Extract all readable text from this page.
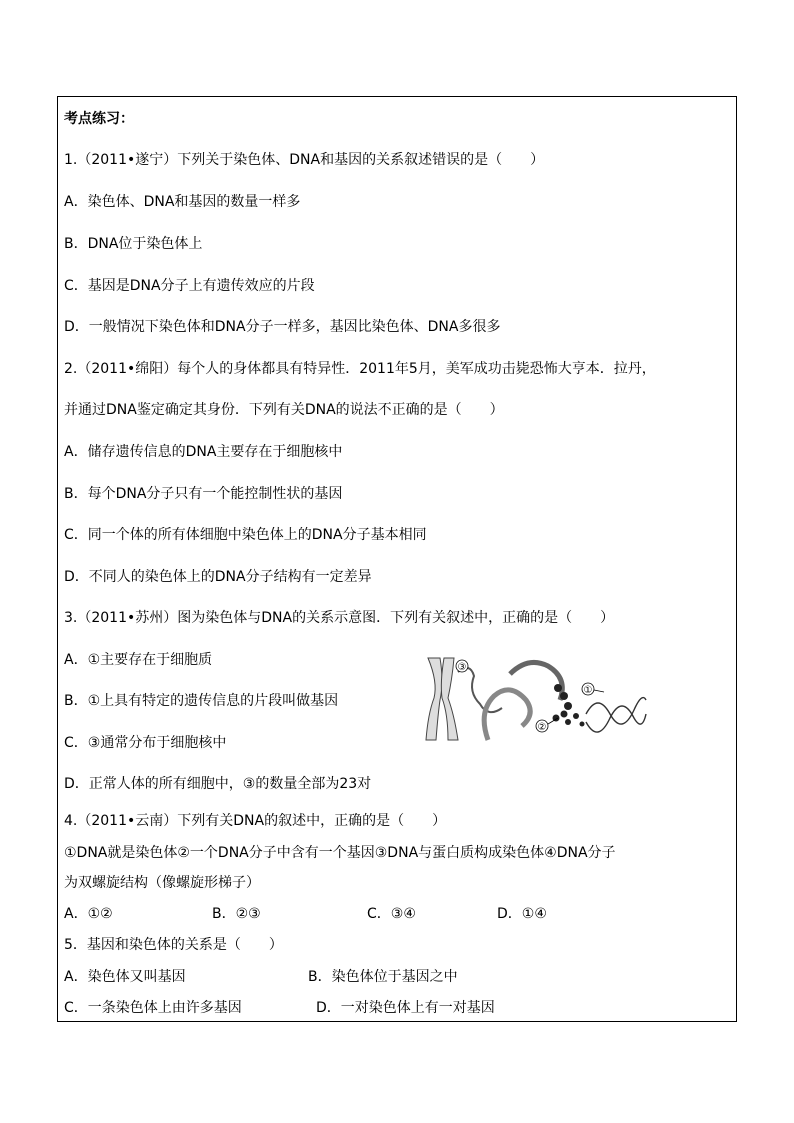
考点练习：
1.（2011•遂宁）下列关于染色体、DNA和基因的关系叙述错误的是（　　）
A．染色体、DNA和基因的数量一样多
B．DNA位于染色体上
C．基因是DNA分子上有遗传效应的片段
D．一般情况下染色体和DNA分子一样多，基因比染色体、DNA多很多
2.（2011•绵阳）每个人的身体都具有特异性．2011年5月，美军成功击毙恐怖大亨本．拉丹，
并通过DNA鉴定确定其身份．下列有关DNA的说法不正确的是（　　）
A．储存遗传信息的DNA主要存在于细胞核中
B．每个DNA分子只有一个能控制性状的基因
C．同一个体的所有体细胞中染色体上的DNA分子基本相同
D．不同人的染色体上的DNA分子结构有一定差异
3.（2011•苏州）图为染色体与DNA的关系示意图．下列有关叙述中，正确的是（　　）
A．①主要存在于细胞质
B．①上具有特定的遗传信息的片段叫做基因
C．③通常分布于细胞核中
D．正常人体的所有细胞中，③的数量全部为23对
③
①
②
4.（2011•云南）下列有关DNA的叙述中，正确的是（　　）
①DNA就是染色体②一个DNA分子中含有一个基因③DNA与蛋白质构成染色体④DNA分子
为双螺旋结构（像螺旋形梯子）
A．①②	B．②③	C．③④	D．①④
5．基因和染色体的关系是（　　）
A．染色体又叫基因	B．染色体位于基因之中
C．一条染色体上由许多基因	D．一对染色体上有一对基因
